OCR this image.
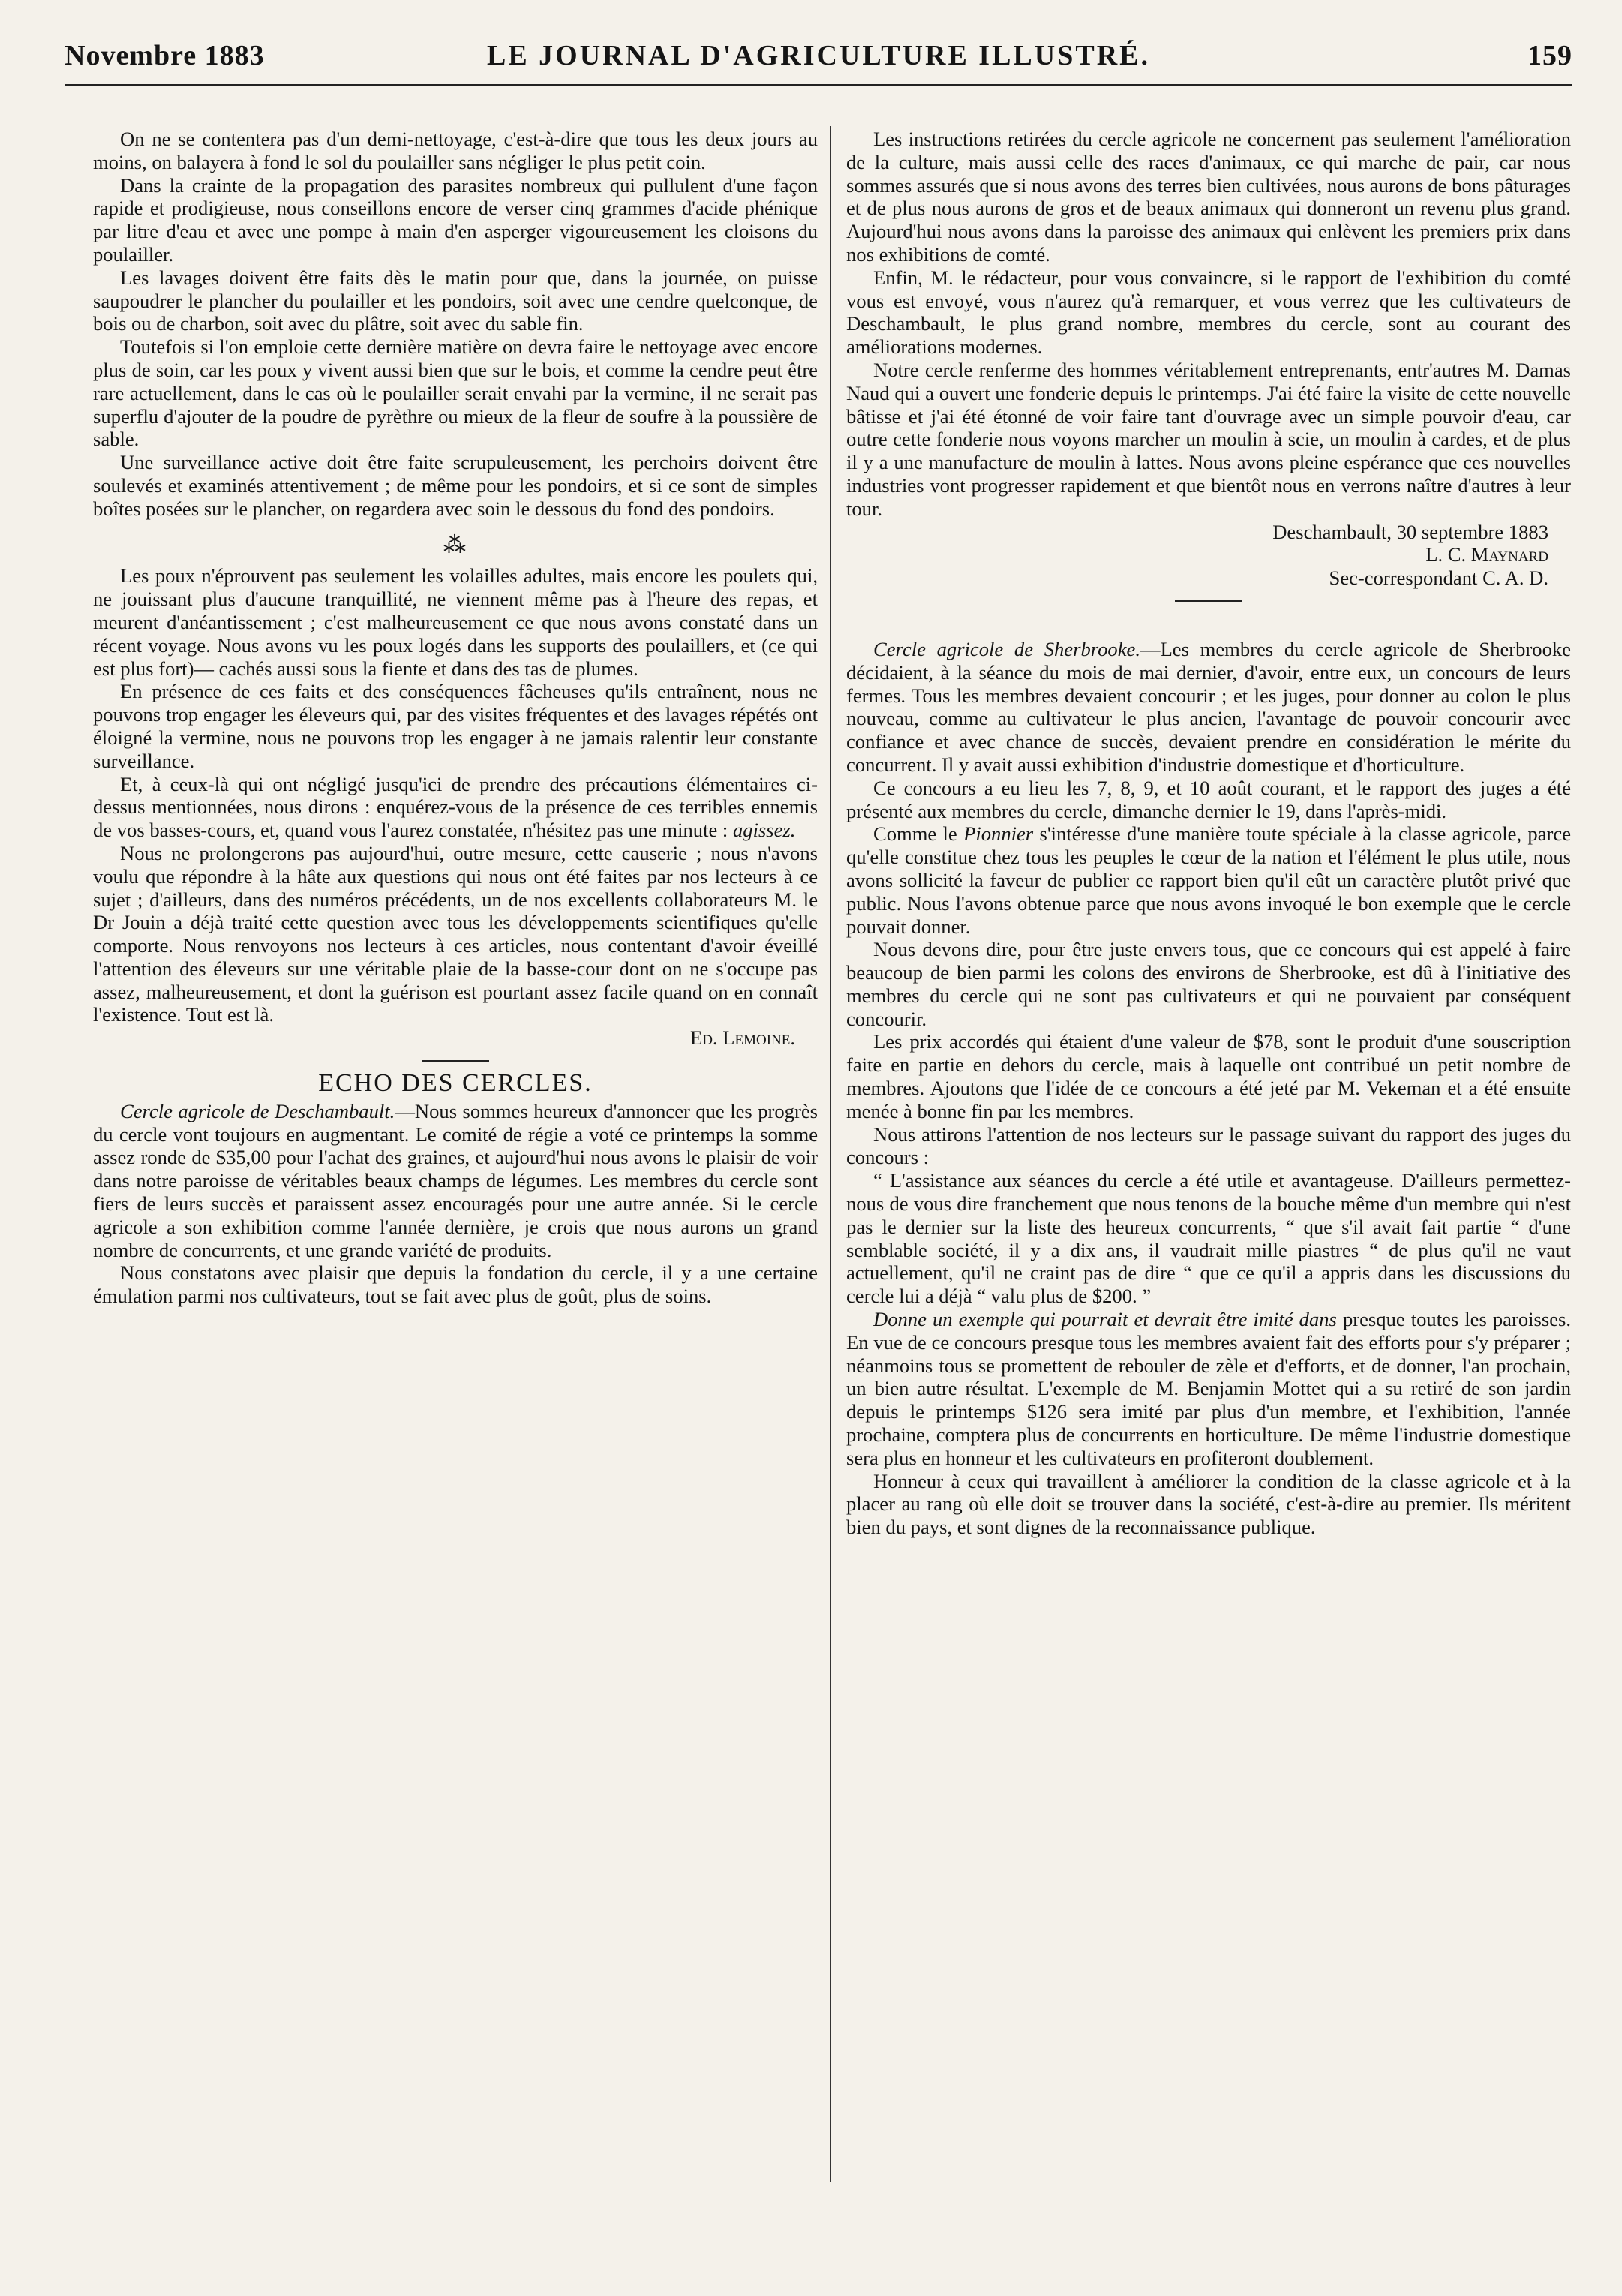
Novembre 1883	LE JOURNAL D'AGRICULTURE ILLUSTRÉ.	159

On ne se contentera pas d'un demi-nettoyage, c'est-à-dire que tous les deux jours au moins, on balayera à fond le sol du poulailler sans négliger le plus petit coin.

Dans la crainte de la propagation des parasites nombreux qui pullulent d'une façon rapide et prodigieuse, nous conseillons encore de verser cinq grammes d'acide phénique par litre d'eau et avec une pompe à main d'en asperger vigoureusement les cloisons du poulailler.

Les lavages doivent être faits dès le matin pour que, dans la journée, on puisse saupoudrer le plancher du poulailler et les pondoirs, soit avec une cendre quelconque, de bois ou de charbon, soit avec du plâtre, soit avec du sable fin.

Toutefois si l'on emploie cette dernière matière on devra faire le nettoyage avec encore plus de soin, car les poux y vivent aussi bien que sur le bois, et comme la cendre peut être rare actuellement, dans le cas où le poulailler serait envahi par la vermine, il ne serait pas superflu d'ajouter de la poudre de pyrèthre ou mieux de la fleur de soufre à la poussière de sable.

Une surveillance active doit être faite scrupuleusement, les perchoirs doivent être soulevés et examinés attentivement ; de même pour les pondoirs, et si ce sont de simples boîtes posées sur le plancher, on regardera avec soin le dessous du fond des pondoirs.

⁂

Les poux n'éprouvent pas seulement les volailles adultes, mais encore les poulets qui, ne jouissant plus d'aucune tranquillité, ne viennent même pas à l'heure des repas, et meurent d'anéantissement ; c'est malheureusement ce que nous avons constaté dans un récent voyage. Nous avons vu les poux logés dans les supports des poulaillers, et (ce qui est plus fort)— cachés aussi sous la fiente et dans des tas de plumes.

En présence de ces faits et des conséquences fâcheuses qu'ils entraînent, nous ne pouvons trop engager les éleveurs qui, par des visites fréquentes et des lavages répétés ont éloigné la vermine, nous ne pouvons trop les engager à ne jamais ralentir leur constante surveillance.

Et, à ceux-là qui ont négligé jusqu'ici de prendre des précautions élémentaires ci-dessus mentionnées, nous dirons : enquérez-vous de la présence de ces terribles ennemis de vos basses-cours, et, quand vous l'aurez constatée, n'hésitez pas une minute : agissez.

Nous ne prolongerons pas aujourd'hui, outre mesure, cette causerie ; nous n'avons voulu que répondre à la hâte aux questions qui nous ont été faites par nos lecteurs à ce sujet ; d'ailleurs, dans des numéros précédents, un de nos excellents collaborateurs M. le Dr Jouin a déjà traité cette question avec tous les développements scientifiques qu'elle comporte. Nous renvoyons nos lecteurs à ces articles, nous contentant d'avoir éveillé l'attention des éleveurs sur une véritable plaie de la basse-cour dont on ne s'occupe pas assez, malheureusement, et dont la guérison est pourtant assez facile quand on en connaît l'existence. Tout est là.

Ed. Lemoine.

ECHO DES CERCLES.

Cercle agricole de Deschambault.—Nous sommes heureux d'annoncer que les progrès du cercle vont toujours en augmentant. Le comité de régie a voté ce printemps la somme assez ronde de $35,00 pour l'achat des graines, et aujourd'hui nous avons le plaisir de voir dans notre paroisse de véritables beaux champs de légumes. Les membres du cercle sont fiers de leurs succès et paraissent assez encouragés pour une autre année. Si le cercle agricole a son exhibition comme l'année dernière, je crois que nous aurons un grand nombre de concurrents, et une grande variété de produits.

Nous constatons avec plaisir que depuis la fondation du cercle, il y a une certaine émulation parmi nos cultivateurs, tout se fait avec plus de goût, plus de soins.

Les instructions retirées du cercle agricole ne concernent pas seulement l'amélioration de la culture, mais aussi celle des races d'animaux, ce qui marche de pair, car nous sommes assurés que si nous avons des terres bien cultivées, nous aurons de bons pâturages et de plus nous aurons de gros et de beaux animaux qui donneront un revenu plus grand. Aujourd'hui nous avons dans la paroisse des animaux qui enlèvent les premiers prix dans nos exhibitions de comté.

Enfin, M. le rédacteur, pour vous convaincre, si le rapport de l'exhibition du comté vous est envoyé, vous n'aurez qu'à remarquer, et vous verrez que les cultivateurs de Deschambault, le plus grand nombre, membres du cercle, sont au courant des améliorations modernes.

Notre cercle renferme des hommes véritablement entreprenants, entr'autres M. Damas Naud qui a ouvert une fonderie depuis le printemps. J'ai été faire la visite de cette nouvelle bâtisse et j'ai été étonné de voir faire tant d'ouvrage avec un simple pouvoir d'eau, car outre cette fonderie nous voyons marcher un moulin à scie, un moulin à cardes, et de plus il y a une manufacture de moulin à lattes. Nous avons pleine espérance que ces nouvelles industries vont progresser rapidement et que bientôt nous en verrons naître d'autres à leur tour.

Deschambault, 30 septembre 1883

L. C. Maynard

Sec-correspondant C. A. D.

Cercle agricole de Sherbrooke.—Les membres du cercle agricole de Sherbrooke décidaient, à la séance du mois de mai dernier, d'avoir, entre eux, un concours de leurs fermes. Tous les membres devaient concourir ; et les juges, pour donner au colon le plus nouveau, comme au cultivateur le plus ancien, l'avantage de pouvoir concourir avec confiance et avec chance de succès, devaient prendre en considération le mérite du concurrent. Il y avait aussi exhibition d'industrie domestique et d'horticulture.

Ce concours a eu lieu les 7, 8, 9, et 10 août courant, et le rapport des juges a été présenté aux membres du cercle, dimanche dernier le 19, dans l'après-midi.

Comme le Pionnier s'intéresse d'une manière toute spéciale à la classe agricole, parce qu'elle constitue chez tous les peuples le cœur de la nation et l'élément le plus utile, nous avons sollicité la faveur de publier ce rapport bien qu'il eût un caractère plutôt privé que public. Nous l'avons obtenue parce que nous avons invoqué le bon exemple que le cercle pouvait donner.

Nous devons dire, pour être juste envers tous, que ce concours qui est appelé à faire beaucoup de bien parmi les colons des environs de Sherbrooke, est dû à l'initiative des membres du cercle qui ne sont pas cultivateurs et qui ne pouvaient par conséquent concourir.

Les prix accordés qui étaient d'une valeur de $78, sont le produit d'une souscription faite en partie en dehors du cercle, mais à laquelle ont contribué un petit nombre de membres. Ajoutons que l'idée de ce concours a été jeté par M. Vekeman et a été ensuite menée à bonne fin par les membres.

Nous attirons l'attention de nos lecteurs sur le passage suivant du rapport des juges du concours :

“ L'assistance aux séances du cercle a été utile et avantageuse. D'ailleurs permettez-nous de vous dire franchement que nous tenons de la bouche même d'un membre qui n'est pas le dernier sur la liste des heureux concurrents, “ que s'il avait fait partie “ d'une semblable société, il y a dix ans, il vaudrait mille piastres “ de plus qu'il ne vaut actuellement, qu'il ne craint pas de dire “ que ce qu'il a appris dans les discussions du cercle lui a déjà “ valu plus de $200. ”

Donne un exemple qui pourrait et devrait être imité dans presque toutes les paroisses. En vue de ce concours presque tous les membres avaient fait des efforts pour s'y préparer ; néanmoins tous se promettent de rebouler de zèle et d'efforts, et de donner, l'an prochain, un bien autre résultat. L'exemple de M. Benjamin Mottet qui a su retiré de son jardin depuis le printemps $126 sera imité par plus d'un membre, et l'exhibition, l'année prochaine, comptera plus de concurrents en horticulture. De même l'industrie domestique sera plus en honneur et les cultivateurs en profiteront doublement.

Honneur à ceux qui travaillent à améliorer la condition de la classe agricole et à la placer au rang où elle doit se trouver dans la société, c'est-à-dire au premier. Ils méritent bien du pays, et sont dignes de la reconnaissance publique.
